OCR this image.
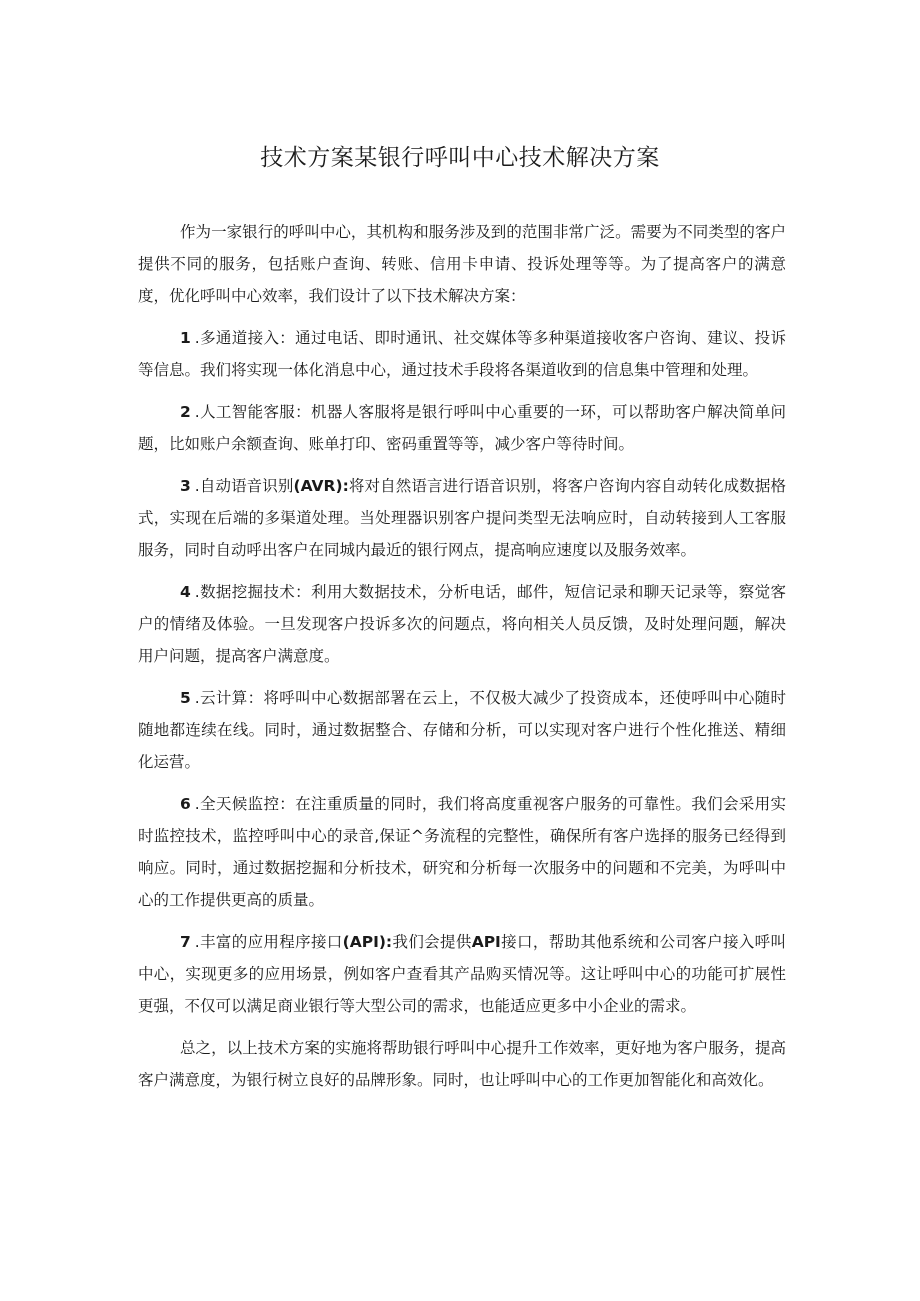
技术方案某银行呼叫中心技术解决方案

作为一家银行的呼叫中心，其机构和服务涉及到的范围非常广泛。需要为不同类型的客户提供不同的服务，包括账户查询、转账、信用卡申请、投诉处理等等。为了提高客户的满意度，优化呼叫中心效率，我们设计了以下技术解决方案：

1 .多通道接入：通过电话、即时通讯、社交媒体等多种渠道接收客户咨询、建议、投诉等信息。我们将实现一体化消息中心，通过技术手段将各渠道收到的信息集中管理和处理。

2 .人工智能客服：机器人客服将是银行呼叫中心重要的一环，可以帮助客户解决简单问题，比如账户余额查询、账单打印、密码重置等等，减少客户等待时间。

3 .自动语音识别(AVR):将对自然语言进行语音识别，将客户咨询内容自动转化成数据格式，实现在后端的多渠道处理。当处理器识别客户提问类型无法响应时，自动转接到人工客服服务，同时自动呼出客户在同城内最近的银行网点，提高响应速度以及服务效率。

4 .数据挖掘技术：利用大数据技术，分析电话，邮件，短信记录和聊天记录等，察觉客户的情绪及体验。一旦发现客户投诉多次的问题点，将向相关人员反馈，及时处理问题，解决用户问题，提高客户满意度。

5 .云计算：将呼叫中心数据部署在云上，不仅极大减少了投资成本，还使呼叫中心随时随地都连续在线。同时，通过数据整合、存储和分析，可以实现对客户进行个性化推送、精细化运营。

6 .全天候监控：在注重质量的同时，我们将高度重视客户服务的可靠性。我们会采用实时监控技术，监控呼叫中心的录音,保证^务流程的完整性，确保所有客户选择的服务已经得到响应。同时，通过数据挖掘和分析技术，研究和分析每一次服务中的问题和不完美，为呼叫中心的工作提供更高的质量。

7 .丰富的应用程序接口(API):我们会提供API接口，帮助其他系统和公司客户接入呼叫中心，实现更多的应用场景，例如客户查看其产品购买情况等。这让呼叫中心的功能可扩展性更强，不仅可以满足商业银行等大型公司的需求，也能适应更多中小企业的需求。

总之，以上技术方案的实施将帮助银行呼叫中心提升工作效率，更好地为客户服务，提高客户满意度，为银行树立良好的品牌形象。同时，也让呼叫中心的工作更加智能化和高效化。
